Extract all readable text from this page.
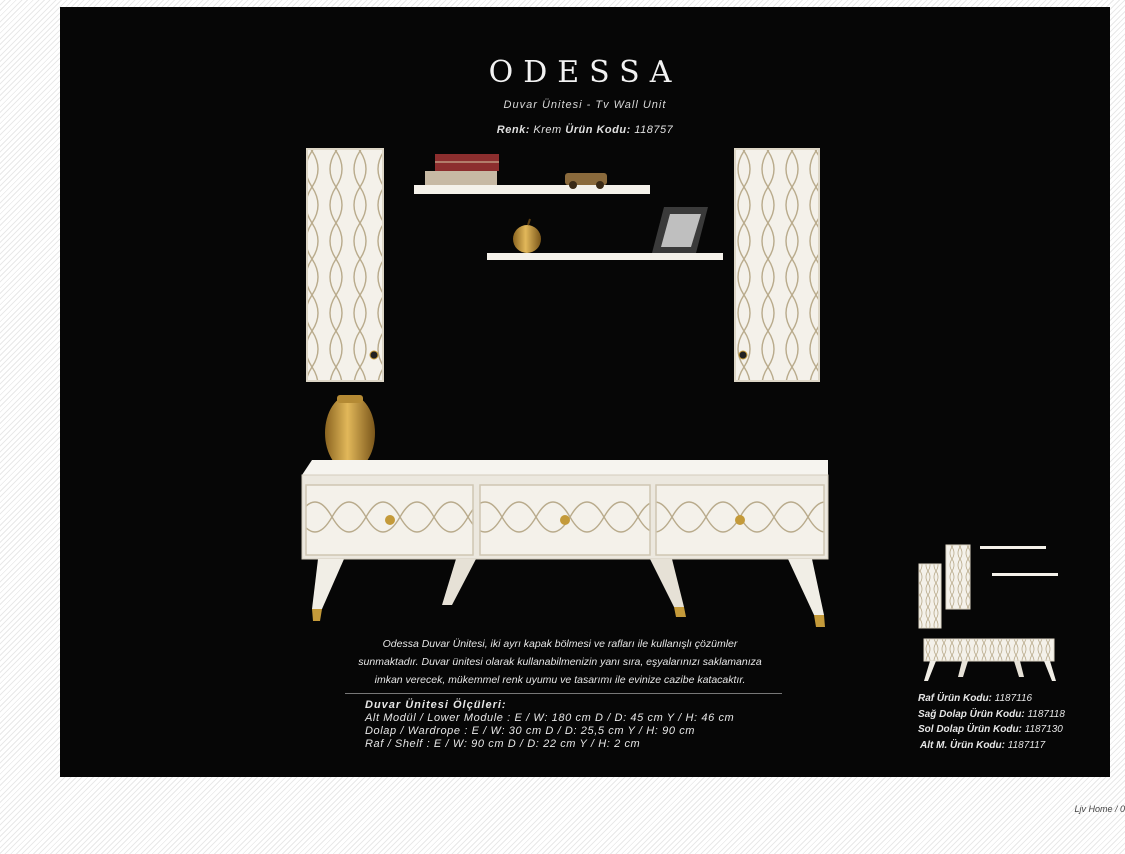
ODESSA
Duvar Ünitesi - Tv Wall Unit
Renk: Krem Ürün Kodu: 118757
Odessa Duvar Ünitesi, iki ayrı kapak bölmesi ve rafları ile kullanışlı çözümler
sunmaktadır. Duvar ünitesi olarak kullanabilmenizin yanı sıra, eşyalarınızı saklamanıza
imkan verecek, mükemmel renk uyumu ve tasarımı ile evinize cazibe katacaktır.
Duvar Ünitesi Ölçüleri:
Alt Modül / Lower Module : E / W: 180 cm D / D: 45 cm Y / H: 46 cm
Dolap / Wardrope : E / W: 30 cm D / D: 25,5 cm Y / H: 90 cm
Raf / Shelf : E / W: 90 cm D / D: 22 cm Y / H: 2 cm
Raf Ürün Kodu: 1187116
Sağ Dolap Ürün Kodu: 1187118
Sol Dolap Ürün Kodu: 1187130
Alt M. Ürün Kodu: 1187117
Ljv Home / 0
